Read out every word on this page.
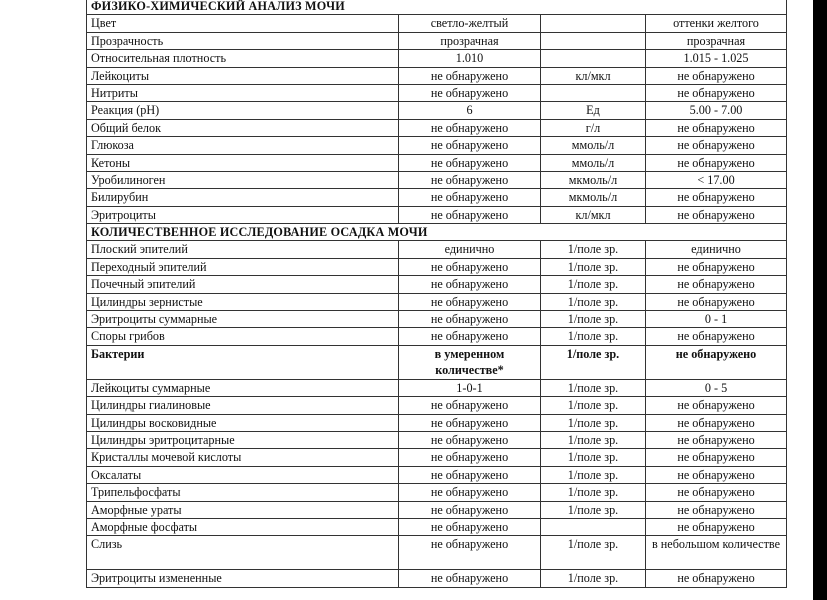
ФИЗИКО-ХИМИЧЕСКИЙ АНАЛИЗ МОЧИ			
Цвет	светло-желтый		оттенки желтого
Прозрачность	прозрачная		прозрачная
Относительная плотность	1.010		1.015 - 1.025
Лейкоциты	не обнаружено	кл/мкл	не обнаружено
Нитриты	не обнаружено		не обнаружено
Реакция (pH)	6	Ед	5.00 - 7.00
Общий белок	не обнаружено	г/л	не обнаружено
Глюкоза	не обнаружено	ммоль/л	не обнаружено
Кетоны	не обнаружено	ммоль/л	не обнаружено
Уробилиноген	не обнаружено	мкмоль/л	< 17.00
Билирубин	не обнаружено	мкмоль/л	не обнаружено
Эритроциты	не обнаружено	кл/мкл	не обнаружено
КОЛИЧЕСТВЕННОЕ ИССЛЕДОВАНИЕ ОСАДКА МОЧИ			
Плоский эпителий	единично	1/поле зр.	единично
Переходный эпителий	не обнаружено	1/поле зр.	не обнаружено
Почечный эпителий	не обнаружено	1/поле зр.	не обнаружено
Цилиндры зернистые	не обнаружено	1/поле зр.	не обнаружено
Эритроциты суммарные	не обнаружено	1/поле зр.	0 - 1
Споры грибов	не обнаружено	1/поле зр.	не обнаружено
Бактерии	в умеренном количестве*	1/поле зр.	не обнаружено
Лейкоциты суммарные	1-0-1	1/поле зр.	0 - 5
Цилиндры гиалиновые	не обнаружено	1/поле зр.	не обнаружено
Цилиндры восковидные	не обнаружено	1/поле зр.	не обнаружено
Цилиндры эритроцитарные	не обнаружено	1/поле зр.	не обнаружено
Кристаллы мочевой кислоты	не обнаружено	1/поле зр.	не обнаружено
Оксалаты	не обнаружено	1/поле зр.	не обнаружено
Трипельфосфаты	не обнаружено	1/поле зр.	не обнаружено
Аморфные ураты	не обнаружено	1/поле зр.	не обнаружено
Аморфные фосфаты	не обнаружено		не обнаружено
Слизь	не обнаружено	1/поле зр.	в небольшом количестве
Эритроциты измененные	не обнаружено	1/поле зр.	не обнаружено
